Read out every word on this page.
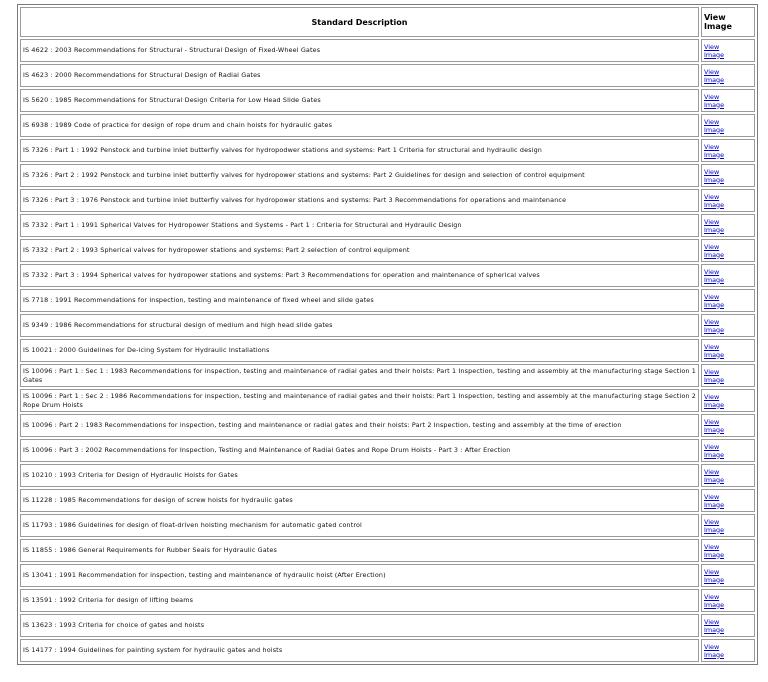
Standard Description	View
Image
IS 4622 : 2003 Recommendations for Structural - Structural Design of Fixed-Wheel Gates	View
Image
IS 4623 : 2000 Recommendations for Structural Design of Radial Gates	View
Image
IS 5620 : 1985 Recommendations for Structural Design Criteria for Low Head Slide Gates	View
Image
IS 6938 : 1989 Code of practice for design of rope drum and chain hoists for hydraulic gates	View
Image
IS 7326 : Part 1 : 1992 Penstock and turbine inlet butterfly valves for hydropodwer stations and systems: Part 1 Criteria for structural and hydraulic design	View
Image
IS 7326 : Part 2 : 1992 Penstock and turbine inlet butterfly valves for hydropower stations and systems: Part 2 Guidelines for design and selection of control equipment	View
Image
IS 7326 : Part 3 : 1976 Penstock and turbine inlet butterfly valves for hydropower stations and systems: Part 3 Recommendations for operations and maintenance	View
Image
IS 7332 : Part 1 : 1991 Spherical Valves for Hydropower Stations and Systems - Part 1 : Criteria for Structural and Hydraulic Design	View
Image
IS 7332 : Part 2 : 1993 Spherical valves for hydropower stations and systems: Part 2 selection of control equipment	View
Image
IS 7332 : Part 3 : 1994 Spherical valves for hydropower stations and systems: Part 3 Recommendations for operation and maintenance of spherical valves	View
Image
IS 7718 : 1991 Recommendations for inspection, testing and maintenance of fixed wheel and slide gates	View
Image
IS 9349 : 1986 Recommendations for structural design of medium and high head slide gates	View
Image
IS 10021 : 2000 Guidelines for De-icing System for Hydraulic Installations	View
Image
IS 10096 : Part 1 : Sec 1 : 1983 Recommendations for inspection, testing and maintenance of radial gates and their hoists: Part 1 Inspection, testing and assembly at the manufacturing stage Section 1 Gates	View
Image
IS 10096 : Part 1 : Sec 2 : 1986 Recommendations for inspection, testing and maintenance of radial gates and their hoists: Part 1 Inspection, testing and assembly at the manufacturing stage Section 2 Rope Drum Hoists	View
Image
IS 10096 : Part 2 : 1983 Recommendations for inspection, testing and maintenance or radial gates and their hoists: Part 2 Inspection, testing and assembly at the time of erection	View
Image
IS 10096 : Part 3 : 2002 Recommendations for Inspection, Testing and Maintenance of Radial Gates and Rope Drum Hoists - Part 3 : After Erection	View
Image
IS 10210 : 1993 Criteria for Design of Hydraulic Hoists for Gates	View
Image
IS 11228 : 1985 Recommendations for design of screw hoists for hydraulic gates	View
Image
IS 11793 : 1986 Guidelines for design of float-driven hoisting mechanism for automatic gated control	View
Image
IS 11855 : 1986 General Requirements for Rubber Seals for Hydraulic Gates	View
Image
IS 13041 : 1991 Recommendation for inspection, testing and maintenance of hydraulic hoist (After Erection)	View
Image
IS 13591 : 1992 Criteria for design of lifting beams	View
Image
IS 13623 : 1993 Criteria for choice of gates and hoists	View
Image
IS 14177 : 1994 Guidelines for painting system for hydraulic gates and hoists	View
Image
